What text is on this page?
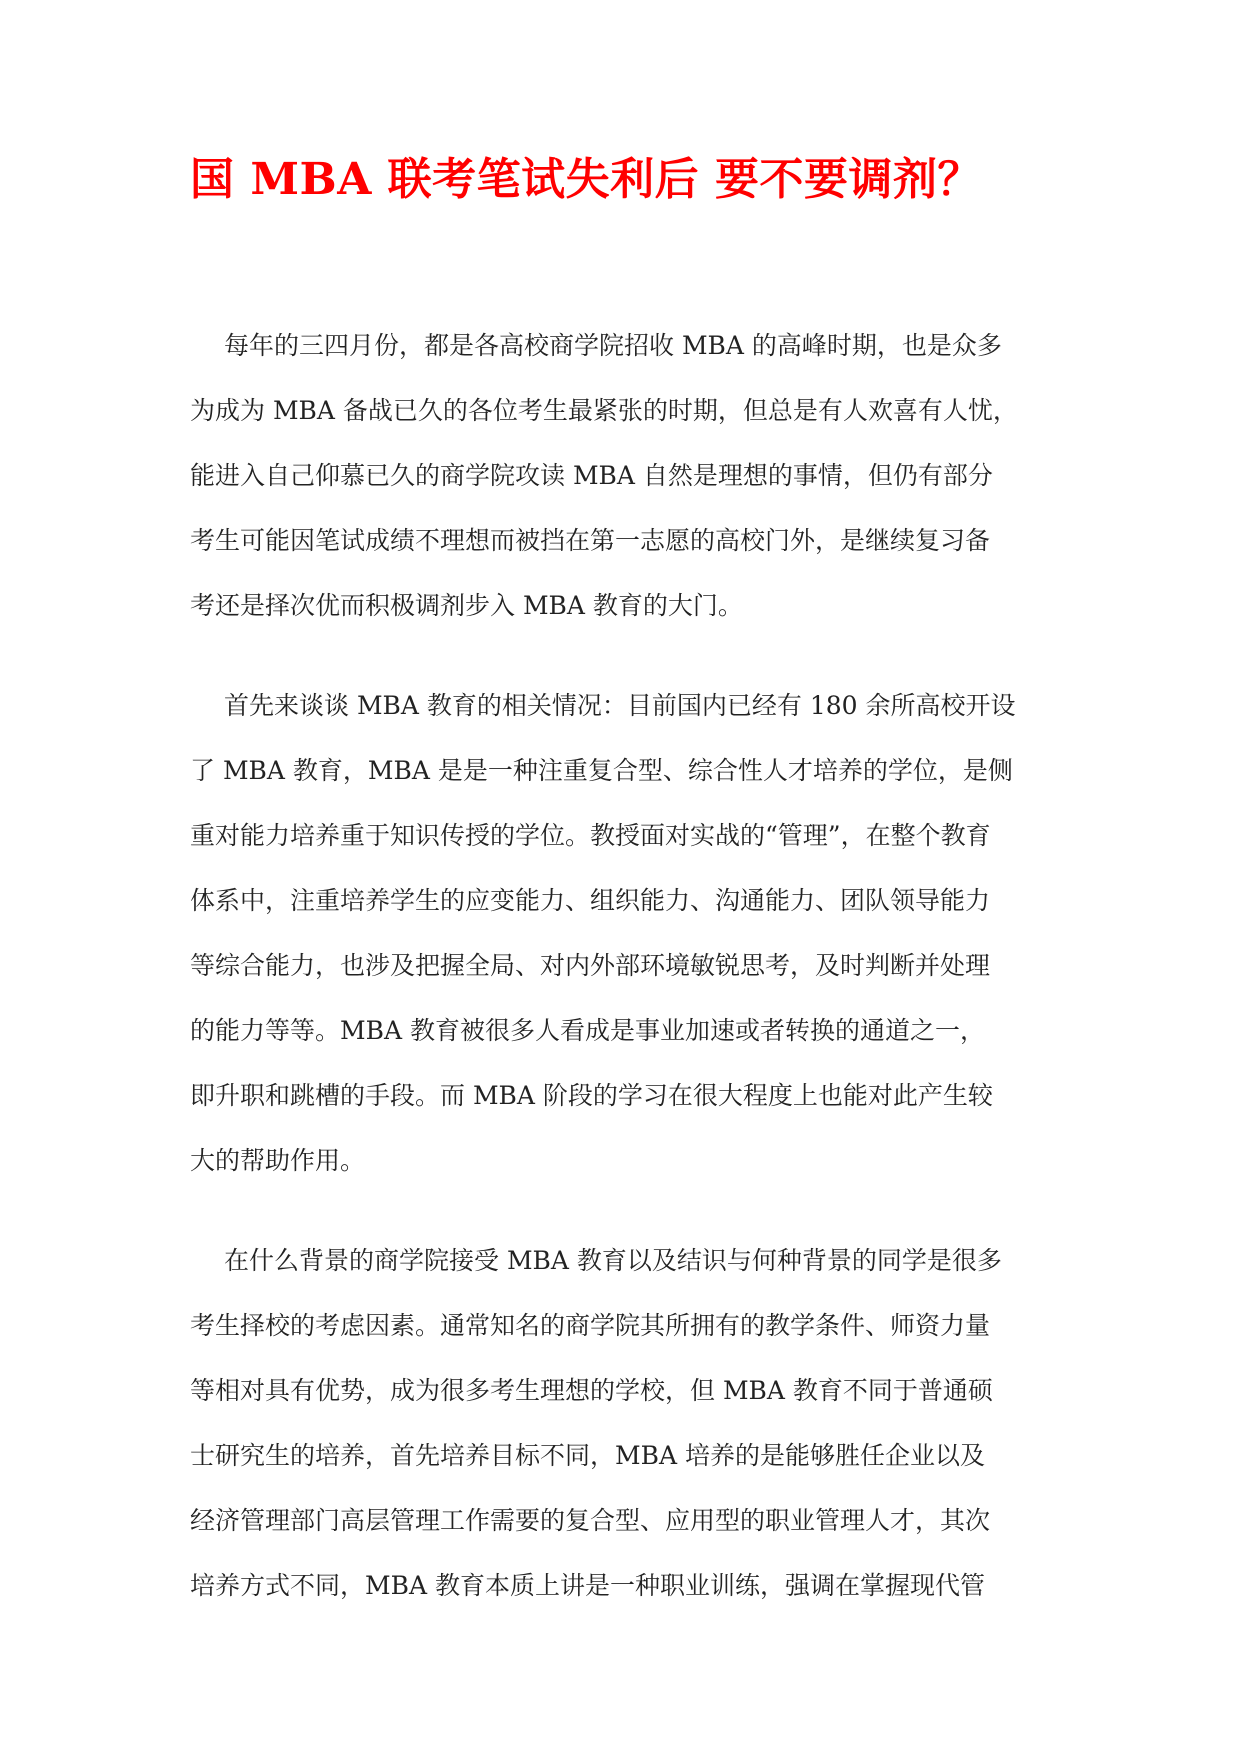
国 MBA 联考笔试失利后 要不要调剂？
每年的三四月份，都是各高校商学院招收 MBA 的高峰时期，也是众多
为成为 MBA 备战已久的各位考生最紧张的时期，但总是有人欢喜有人忧，
能进入自己仰慕已久的商学院攻读 MBA 自然是理想的事情，但仍有部分
考生可能因笔试成绩不理想而被挡在第一志愿的高校门外，是继续复习备
考还是择次优而积极调剂步入 MBA 教育的大门。
首先来谈谈 MBA 教育的相关情况：目前国内已经有 180 余所高校开设
了 MBA 教育，MBA 是是一种注重复合型、综合性人才培养的学位，是侧
重对能力培养重于知识传授的学位。教授面对实战的“管理”，在整个教育
体系中，注重培养学生的应变能力、组织能力、沟通能力、团队领导能力
等综合能力，也涉及把握全局、对内外部环境敏锐思考，及时判断并处理
的能力等等。MBA 教育被很多人看成是事业加速或者转换的通道之一，
即升职和跳槽的手段。而 MBA 阶段的学习在很大程度上也能对此产生较
大的帮助作用。
在什么背景的商学院接受 MBA 教育以及结识与何种背景的同学是很多
考生择校的考虑因素。通常知名的商学院其所拥有的教学条件、师资力量
等相对具有优势，成为很多考生理想的学校，但 MBA 教育不同于普通硕
士研究生的培养，首先培养目标不同，MBA 培养的是能够胜任企业以及
经济管理部门高层管理工作需要的复合型、应用型的职业管理人才，其次
培养方式不同，MBA 教育本质上讲是一种职业训练，强调在掌握现代管
